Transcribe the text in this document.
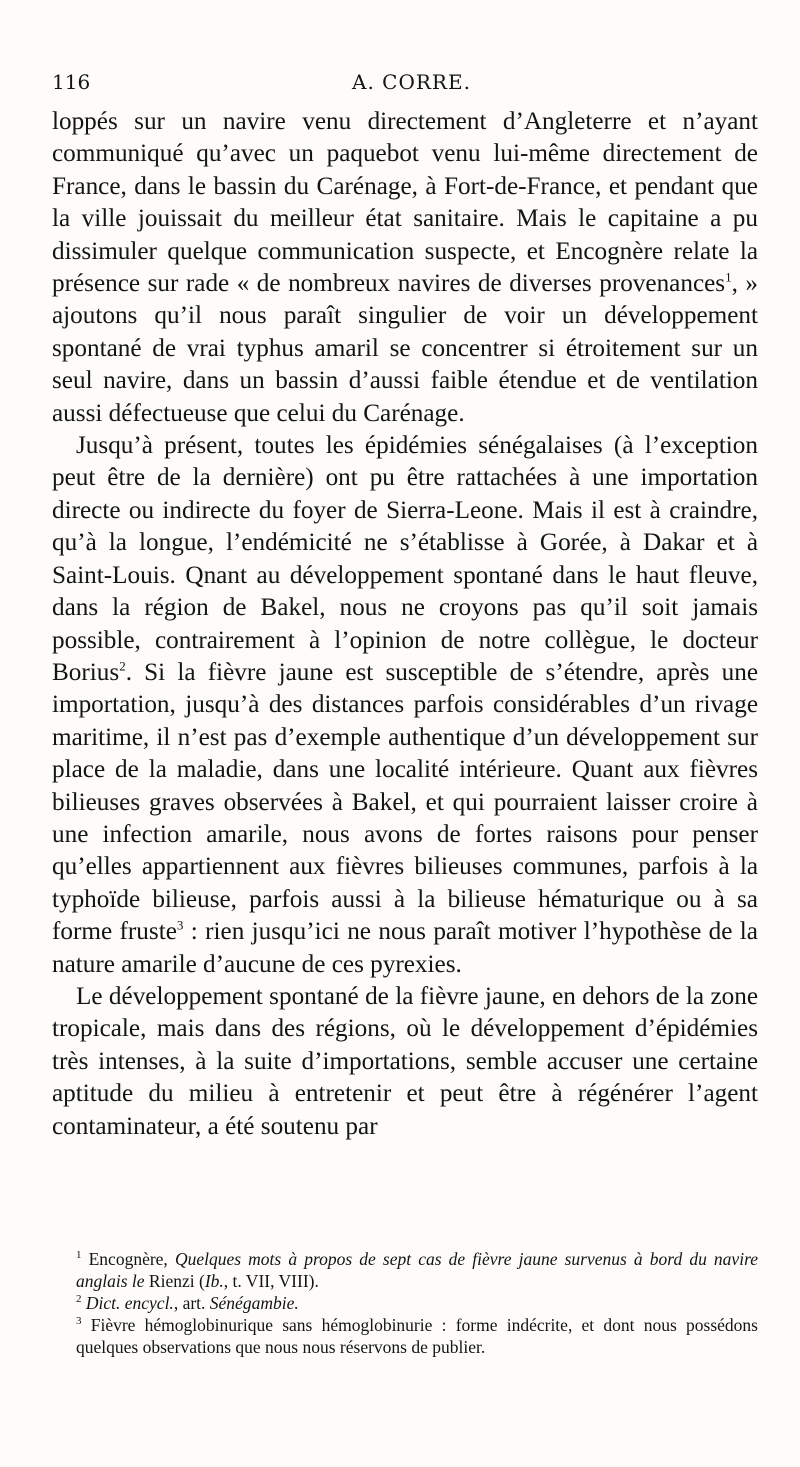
116	A. CORRE.

loppés sur un navire venu directement d’Angleterre et n’ayant communiqué qu’avec un paquebot venu lui-même directement de France, dans le bassin du Carénage, à Fort-de-France, et pendant que la ville jouissait du meilleur état sanitaire. Mais le capitaine a pu dissimuler quelque communication suspecte, et Encognère relate la présence sur rade « de nombreux navires de diverses provenances$^1$, » ajoutons qu’il nous paraît singulier de voir un développement spontané de vrai typhus amaril se concentrer si étroitement sur un seul navire, dans un bassin d’aussi faible étendue et de ventilation aussi défectueuse que celui du Carénage.

Jusqu’à présent, toutes les épidémies sénégalaises (à l’exception peut être de la dernière) ont pu être rattachées à une importation directe ou indirecte du foyer de Sierra-Leone. Mais il est à craindre, qu’à la longue, l’endémicité ne s’établisse à Gorée, à Dakar et à Saint-Louis. Qnant au développement spontané dans le haut fleuve, dans la région de Bakel, nous ne croyons pas qu’il soit jamais possible, contrairement à l’opinion de notre collègue, le docteur Borius$^2$. Si la fièvre jaune est susceptible de s’étendre, après une importation, jusqu’à des distances parfois considérables d’un rivage maritime, il n’est pas d’exemple authentique d’un développement sur place de la maladie, dans une localité intérieure. Quant aux fièvres bilieuses graves observées à Bakel, et qui pourraient laisser croire à une infection amarile, nous avons de fortes raisons pour penser qu’elles appartiennent aux fièvres bilieuses communes, parfois à la typhoïde bilieuse, parfois aussi à la bilieuse hématurique ou à sa forme fruste$^3$ : rien jusqu’ici ne nous paraît motiver l’hypothèse de la nature amarile d’aucune de ces pyrexies.

Le développement spontané de la fièvre jaune, en dehors de la zone tropicale, mais dans des régions, où le développement d’épidémies très intenses, à la suite d’importations, semble accuser une certaine aptitude du milieu à entretenir et peut être à régénérer l’agent contaminateur, a été soutenu par

$^1$ Encognère, Quelques mots à propos de sept cas de fièvre jaune survenus à bord du navire anglais le Rienzi (Ib., t. VII, VIII).

$^2$ Dict. encycl., art. Sénégambie.

$^3$ Fièvre hémoglobinurique sans hémoglobinurie : forme indécrite, et dont nous possédons quelques observations que nous nous réservons de publier.
